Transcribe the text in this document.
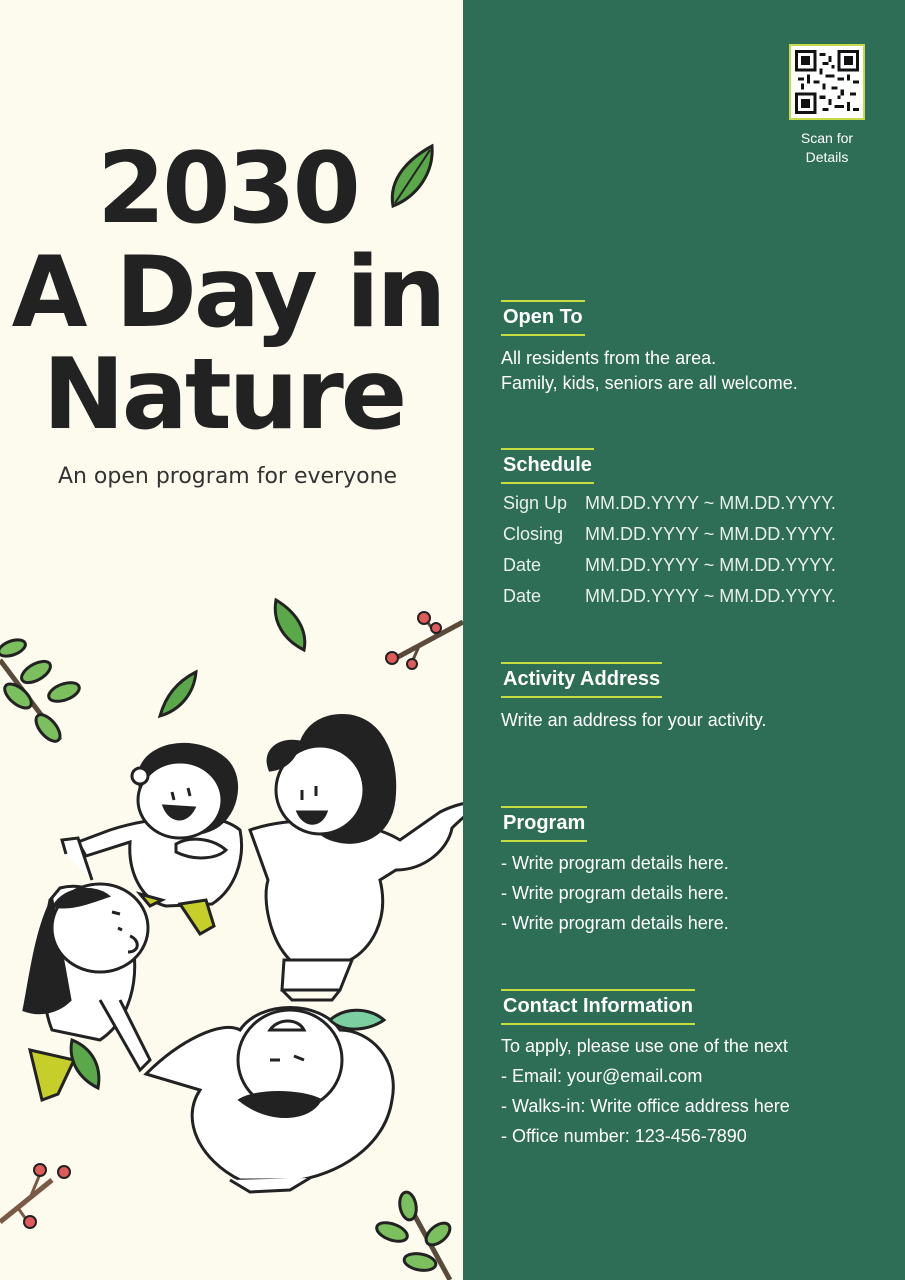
2030
A Day in
Nature
An open program for everyone
Scan for
Details
Open To
All residents from the area.
Family, kids, seniors are all welcome.
Schedule
Sign Up MM.DD.YYYY ~ MM.DD.YYYY.
Closing	MM.DD.YYYY ~ MM.DD.YYYY.
Date	MM.DD.YYYY ~ MM.DD.YYYY.
Date	MM.DD.YYYY ~ MM.DD.YYYY.
Activity Address
Write an address for your activity.
Program
- Write program details here.
- Write program details here.
- Write program details here.
Contact Information
To apply, please use one of the next
- Email: your@email.com
- Walks-in: Write office address here
- Office number: 123-456-7890
